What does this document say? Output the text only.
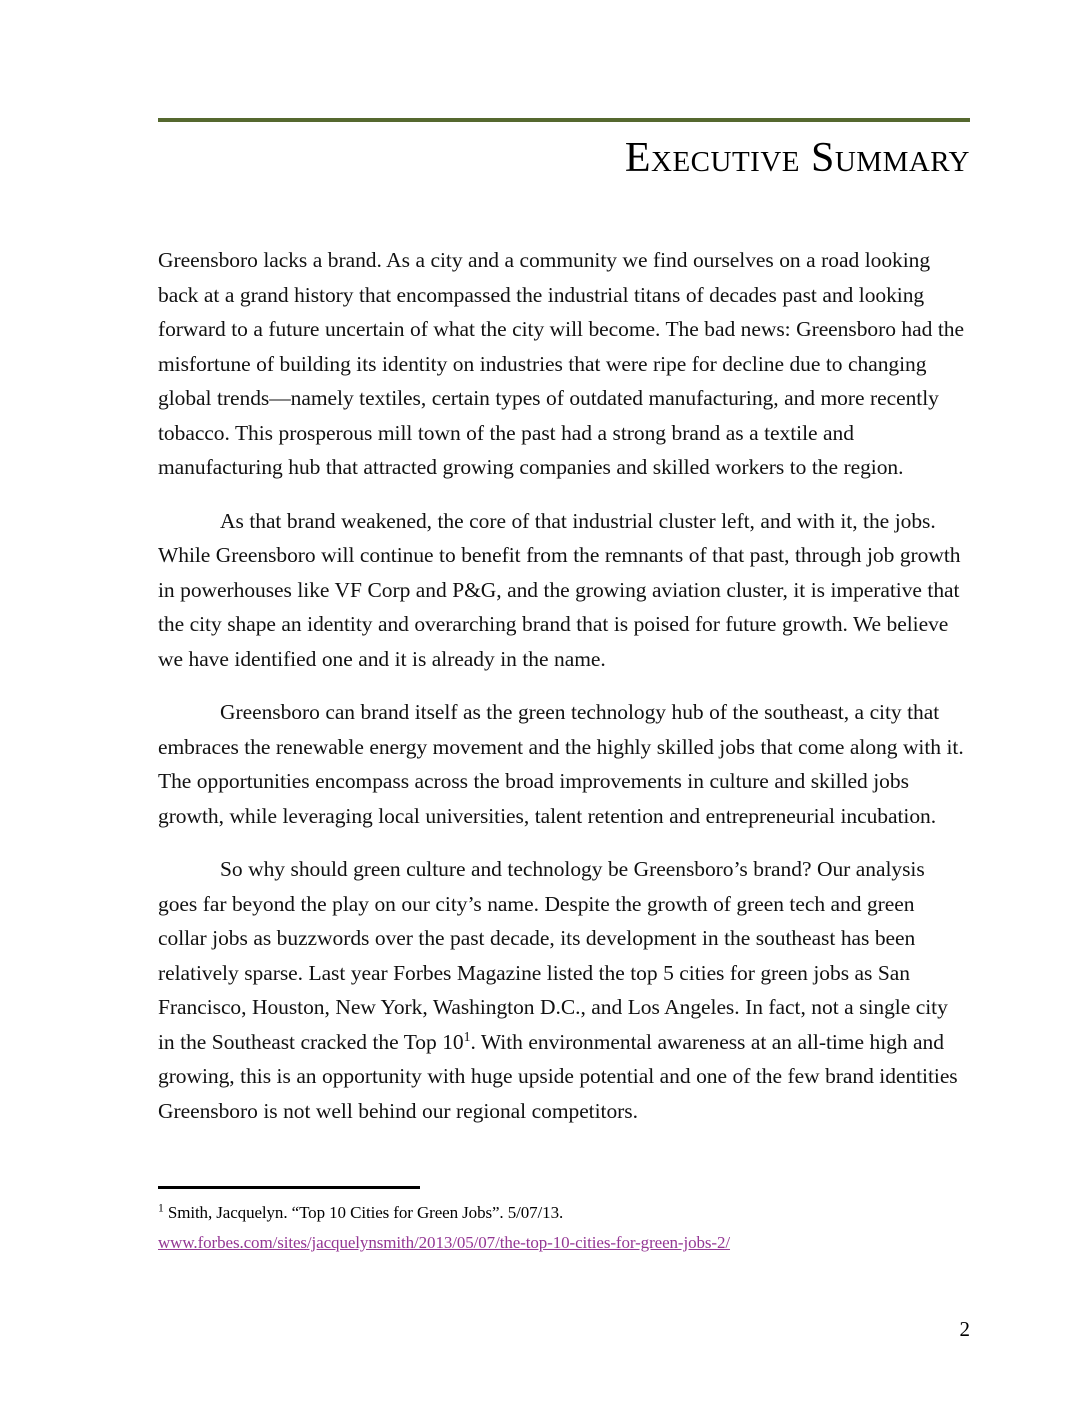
Executive Summary

Greensboro lacks a brand. As a city and a community we find ourselves on a road looking back at a grand history that encompassed the industrial titans of decades past and looking forward to a future uncertain of what the city will become. The bad news: Greensboro had the misfortune of building its identity on industries that were ripe for decline due to changing global trends—namely textiles, certain types of outdated manufacturing, and more recently tobacco. This prosperous mill town of the past had a strong brand as a textile and manufacturing hub that attracted growing companies and skilled workers to the region.

As that brand weakened, the core of that industrial cluster left, and with it, the jobs. While Greensboro will continue to benefit from the remnants of that past, through job growth in powerhouses like VF Corp and P&G, and the growing aviation cluster, it is imperative that the city shape an identity and overarching brand that is poised for future growth. We believe we have identified one and it is already in the name.

Greensboro can brand itself as the green technology hub of the southeast, a city that embraces the renewable energy movement and the highly skilled jobs that come along with it. The opportunities encompass across the broad improvements in culture and skilled jobs growth, while leveraging local universities, talent retention and entrepreneurial incubation.

So why should green culture and technology be Greensboro’s brand? Our analysis goes far beyond the play on our city’s name. Despite the growth of green tech and green collar jobs as buzzwords over the past decade, its development in the southeast has been relatively sparse. Last year Forbes Magazine listed the top 5 cities for green jobs as San Francisco, Houston, New York, Washington D.C., and Los Angeles. In fact, not a single city in the Southeast cracked the Top 10$^1$. With environmental awareness at an all-time high and growing, this is an opportunity with huge upside potential and one of the few brand identities Greensboro is not well behind our regional competitors.

$^1$ Smith, Jacquelyn. “Top 10 Cities for Green Jobs”. 5/07/13.

www.forbes.com/sites/jacquelynsmith/2013/05/07/the-top-10-cities-for-green-jobs-2/
2
